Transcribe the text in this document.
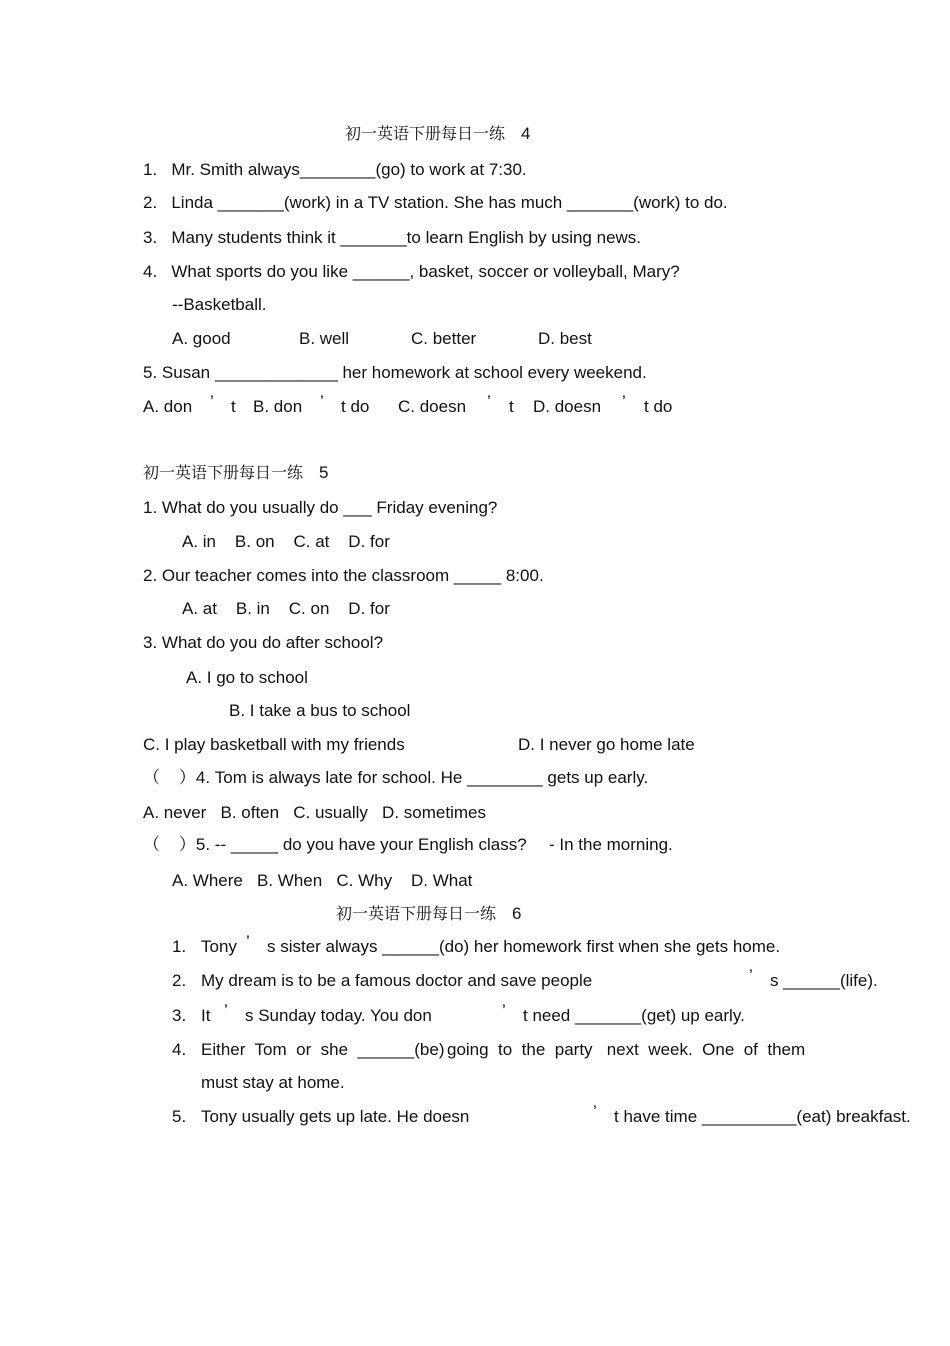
初一英语下册每日一练 4
1.   Mr. Smith always________(go) to work at 7:30.
2.   Linda _______(work) in a TV station. She has much _______(work) to do.
3.   Many students think it _______to learn English by using news.
4.   What sports do you like ______, basket, soccer or volleyball, Mary?
--Basketball.
A. good	B. well	C. better	D. best
5. Susan _____________ her homework at school every weekend.
A. don ’ t B. don ’ t do C. doesn ’ t D. doesn ’ t do
初一英语下册每日一练 5
1. What do you usually do ___ Friday evening?
A. in    B. on    C. at    D. for
2. Our teacher comes into the classroom _____ 8:00.
A. at    B. in    C. on    D. for
3. What do you do after school?
A. I go to school
B. I take a bus to school
C. I play basketball with my friends	D. I never go home late
（    ）4. Tom is always late for school. He ________ gets up early.
A. never   B. often   C. usually   D. sometimes
（    ）5. -- _____ do you have your English class? - In the morning.
A. Where   B. When   C. Why    D. What
初一英语下册每日一练 6
1. Tony ’ s sister always ______(do) her homework first when she gets home.
2. My dream is to be a famous doctor and save people	’ s ______(life).
3. It ’ s Sunday today. You don	’ t need _______(get) up early.
4. Either  Tom  or  she  ______(be) going  to  the  party   next  week.  One  of  them
must stay at home.
5. Tony usually gets up late. He doesn	’ t have time __________(eat) breakfast.
